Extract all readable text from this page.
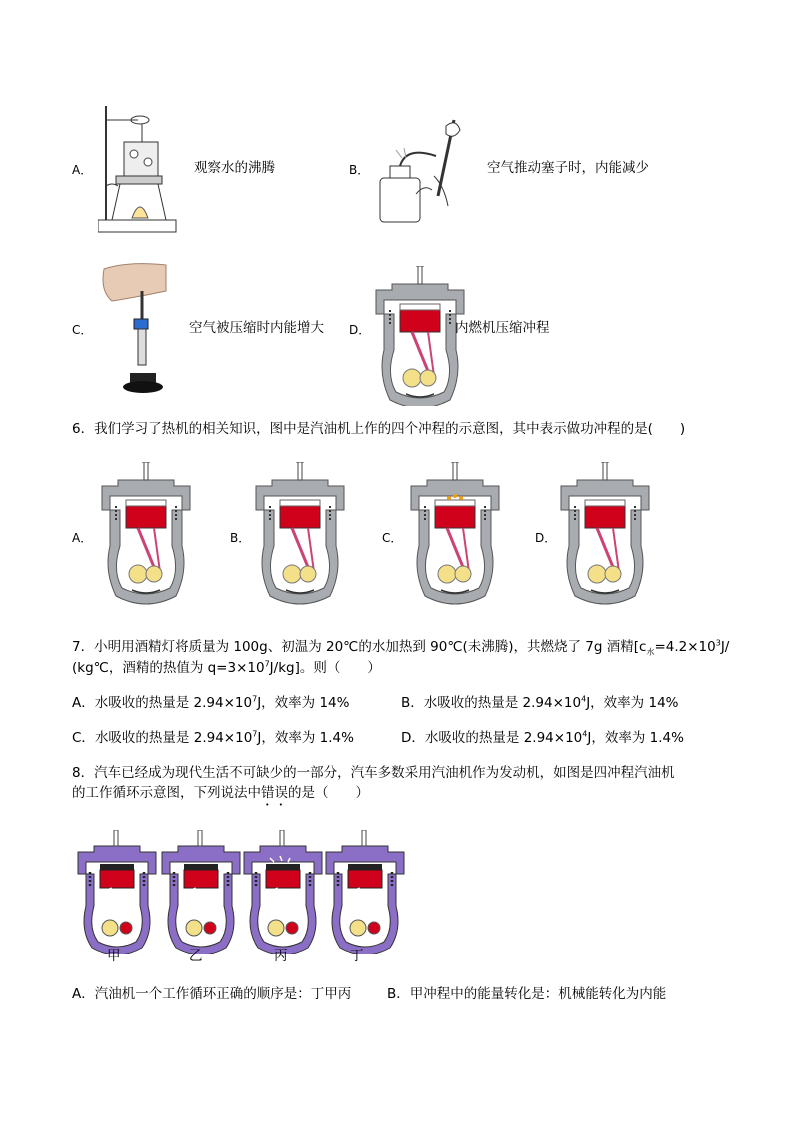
A．	观察水的沸腾	B．	空气推动塞子时，内能减少
C．	空气被压缩时内能增大 D．	内燃机压缩冲程
6．我们学习了热机的相关知识，图中是汽油机上作的四个冲程的示意图，其中表示做功冲程的是(　　)
A．	B．	C．	D．
7．小明用酒精灯将质量为 100g、初温为 20℃的水加热到 90℃(未沸腾)，共燃烧了 7g 酒精[$c_水=4.2\times 10^3J/$
(kg℃，酒精的热值为 $q=3\times 10^7J/kg$]。则（　　）
A．水吸收的热量是 $2.94\times 10^7J$，效率为 14%	B．水吸收的热量是 $2.94\times 10^4J$，效率为 14%
C．水吸收的热量是 $2.94\times 10^7J$，效率为 1.4%	D．水吸收的热量是 $2.94\times 10^4J$，效率为 1.4%
8．汽车已经成为现代生活不可缺少的一部分，汽车多数采用汽油机作为发动机，如图是四冲程汽油机
的工作循环示意图，下列说法中错误的是（　　）
甲	乙	丙	丁
A．汽油机一个工作循环正确的顺序是：丁甲丙	B．甲冲程中的能量转化是：机械能转化为内能
